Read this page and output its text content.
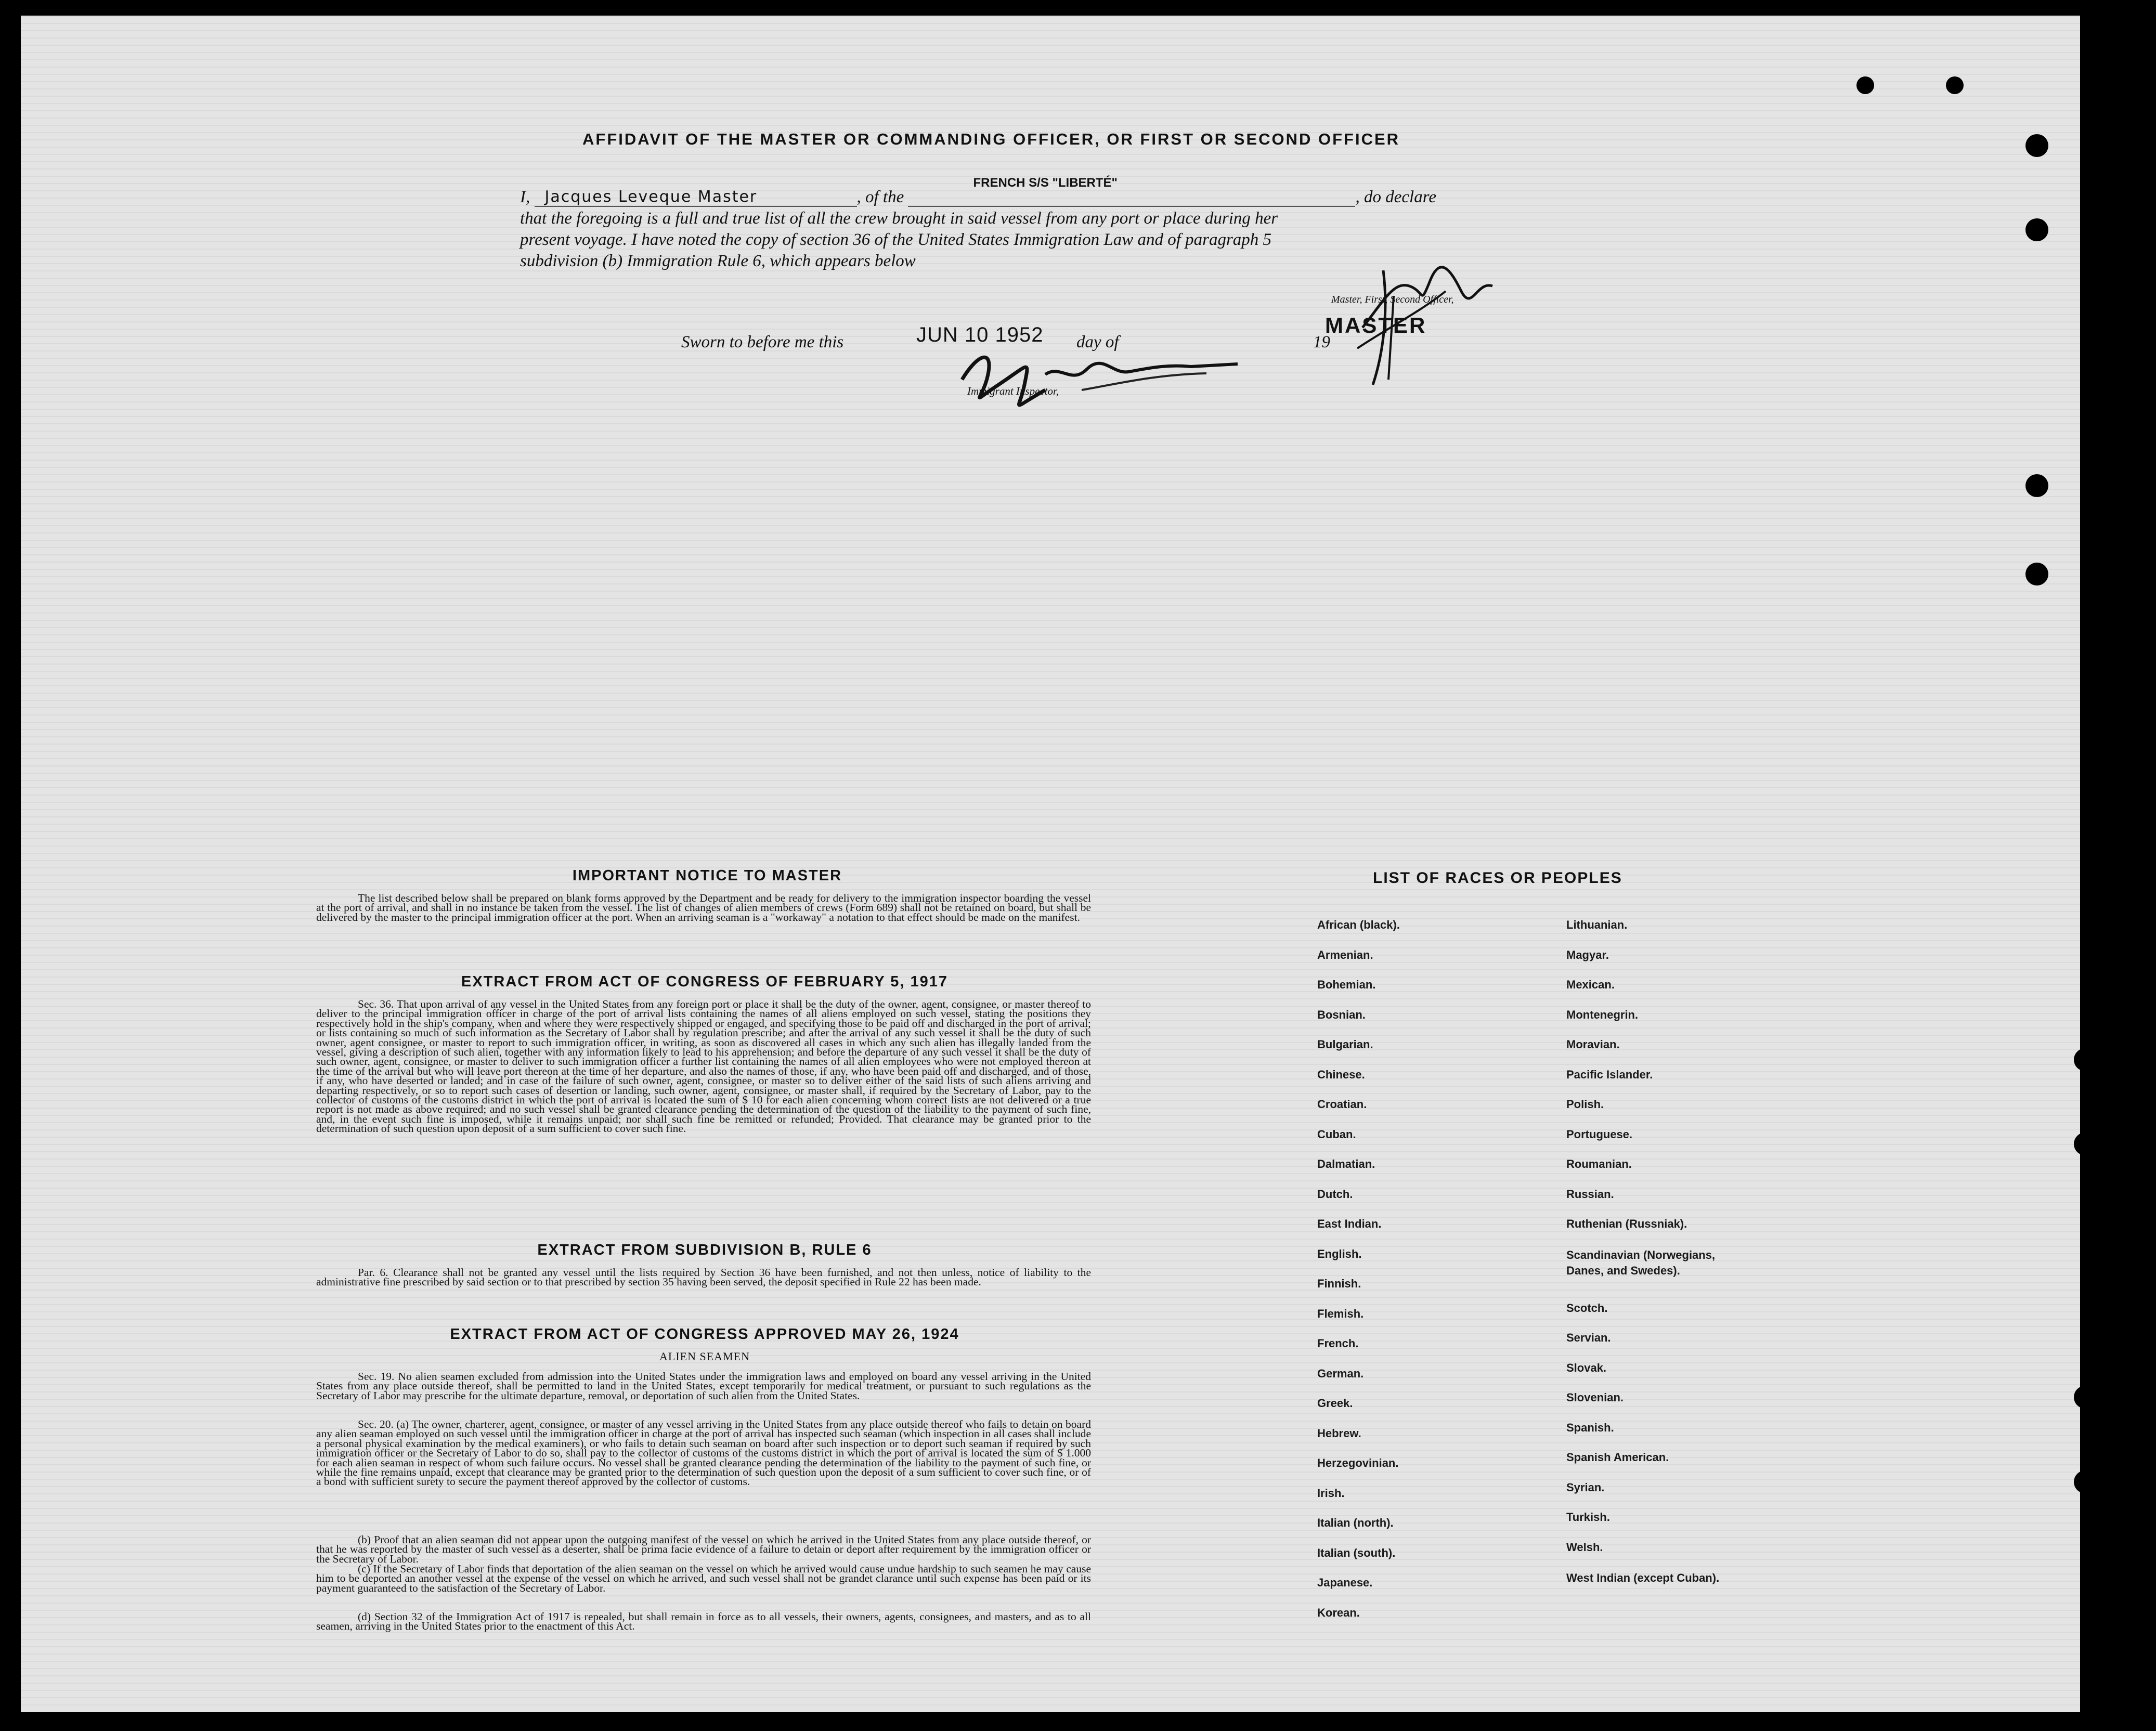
AFFIDAVIT OF THE MASTER OR COMMANDING OFFICER, OR FIRST OR SECOND OFFICER
I, Jacques Leveque Master	, of the
FRENCH S/S "LIBERTÉ"
, do declare
that the foregoing is a full and true list of all the crew brought in said vessel from any port or place during her
present voyage. I have noted the copy of section 36 of the United States Immigration Law and of paragraph 5
subdivision (b) Immigration Rule 6, which appears below
Master, First, Second Officer,
Sworn to before me this	JUN 10 1952 day of	19
MASTER
Immigrant Inspector,
IMPORTANT NOTICE TO MASTER
The list described below shall be prepared on blank forms approved by the Department and be ready for delivery to the immigration inspector boarding the vessel at the port of arrival, and shall in no instance be taken from the vessel. The list of changes of alien members of crews (Form 689) shall not be retained on board, but shall be delivered by the master to the principal immigration officer at the port. When an arriving seaman is a "workaway" a notation to that effect should be made on the manifest.
EXTRACT FROM ACT OF CONGRESS OF FEBRUARY 5, 1917
Sec. 36. That upon arrival of any vessel in the United States from any foreign port or place it shall be the duty of the owner, agent, consignee, or master thereof to deliver to the principal immigration officer in charge of the port of arrival lists containing the names of all aliens employed on such vessel, stating the positions they respectively hold in the ship's company, when and where they were respectively shipped or engaged, and specifying those to be paid off and discharged in the port of arrival; or lists containing so much of such information as the Secretary of Labor shall by regulation prescribe; and after the arrival of any such vessel it shall be the duty of such owner, agent consignee, or master to report to such immigration officer, in writing, as soon as discovered all cases in which any such alien has illegally landed from the vessel, giving a description of such alien, together with any information likely to lead to his apprehension; and before the departure of any such vessel it shall be the duty of such owner, agent, consignee, or master to deliver to such immigration officer a further list containing the names of all alien employees who were not employed thereon at the time of the arrival but who will leave port thereon at the time of her departure, and also the names of those, if any, who have been paid off and discharged, and of those, if any, who have deserted or landed; and in case of the failure of such owner, agent, consignee, or master so to deliver either of the said lists of such aliens arriving and departing respectively, or so to report such cases of desertion or landing, such owner, agent, consignee, or master shall, if required by the Secretary of Labor, pay to the collector of customs of the customs district in which the port of arrival is located the sum of $ 10 for each alien concerning whom correct lists are not delivered or a true report is not made as above required; and no such vessel shall be granted clearance pending the determination of the question of the liability to the payment of such fine, and, in the event such fine is imposed, while it remains unpaid; nor shall such fine be remitted or refunded; Provided. That clearance may be granted prior to the determination of such question upon deposit of a sum sufficient to cover such fine.
EXTRACT FROM SUBDIVISION B, RULE 6
Par. 6. Clearance shall not be granted any vessel until the lists required by Section 36 have been furnished, and not then unless, notice of liability to the administrative fine prescribed by said section or to that prescribed by section 35 having been served, the deposit specified in Rule 22 has been made.
EXTRACT FROM ACT OF CONGRESS APPROVED MAY 26, 1924
ALIEN SEAMEN
Sec. 19. No alien seamen excluded from admission into the United States under the immigration laws and employed on board any vessel arriving in the United States from any place outside thereof, shall be permitted to land in the United States, except temporarily for medical treatment, or pursuant to such regulations as the Secretary of Labor may prescribe for the ultimate departure, removal, or deportation of such alien from the United States.
Sec. 20. (a) The owner, charterer, agent, consignee, or master of any vessel arriving in the United States from any place outside thereof who fails to detain on board any alien seaman employed on such vessel until the immigration officer in charge at the port of arrival has inspected such seaman (which inspection in all cases shall include a personal physical examination by the medical examiners), or who fails to detain such seaman on board after such inspection or to deport such seaman if required by such immigration officer or the Secretary of Labor to do so, shall pay to the collector of customs of the customs district in which the port of arrival is located the sum of $ 1.000 for each alien seaman in respect of whom such failure occurs. No vessel shall be granted clearance pending the determination of the liability to the payment of such fine, or while the fine remains unpaid, except that clearance may be granted prior to the determination of such question upon the deposit of a sum sufficient to cover such fine, or of a bond with sufficient surety to secure the payment thereof approved by the collector of customs.
(b) Proof that an alien seaman did not appear upon the outgoing manifest of the vessel on which he arrived in the United States from any place outside thereof, or that he was reported by the master of such vessel as a deserter, shall be prima facie evidence of a failure to detain or deport after requirement by the immigration officer or the Secretary of Labor.
(c) If the Secretary of Labor finds that deportation of the alien seaman on the vessel on which he arrived would cause undue hardship to such seamen he may cause him to be deported an another vessel at the expense of the vessel on which he arrived, and such vessel shall not be grandet clarance until such expense has been paid or its payment guaranteed to the satisfaction of the Secretary of Labor.
(d) Section 32 of the Immigration Act of 1917 is repealed, but shall remain in force as to all vessels, their owners, agents, consignees, and masters, and as to all seamen, arriving in the United States prior to the enactment of this Act.
LIST OF RACES OR PEOPLES
African (black).
Armenian.
Bohemian.
Bosnian.
Bulgarian.
Chinese.
Croatian.
Cuban.
Dalmatian.
Dutch.
East Indian.
English.
Finnish.
Flemish.
French.
German.
Greek.
Hebrew.
Herzegovinian.
Irish.
Italian (north).
Italian (south).
Japanese.
Korean.
Lithuanian.
Magyar.
Mexican.
Montenegrin.
Moravian.
Pacific Islander.
Polish.
Portuguese.
Roumanian.
Russian.
Ruthenian (Russniak).
Scandinavian (Norwegians, Danes, and Swedes).
Scotch.
Servian.
Slovak.
Slovenian.
Spanish.
Spanish American.
Syrian.
Turkish.
Welsh.
West Indian (except Cuban).
